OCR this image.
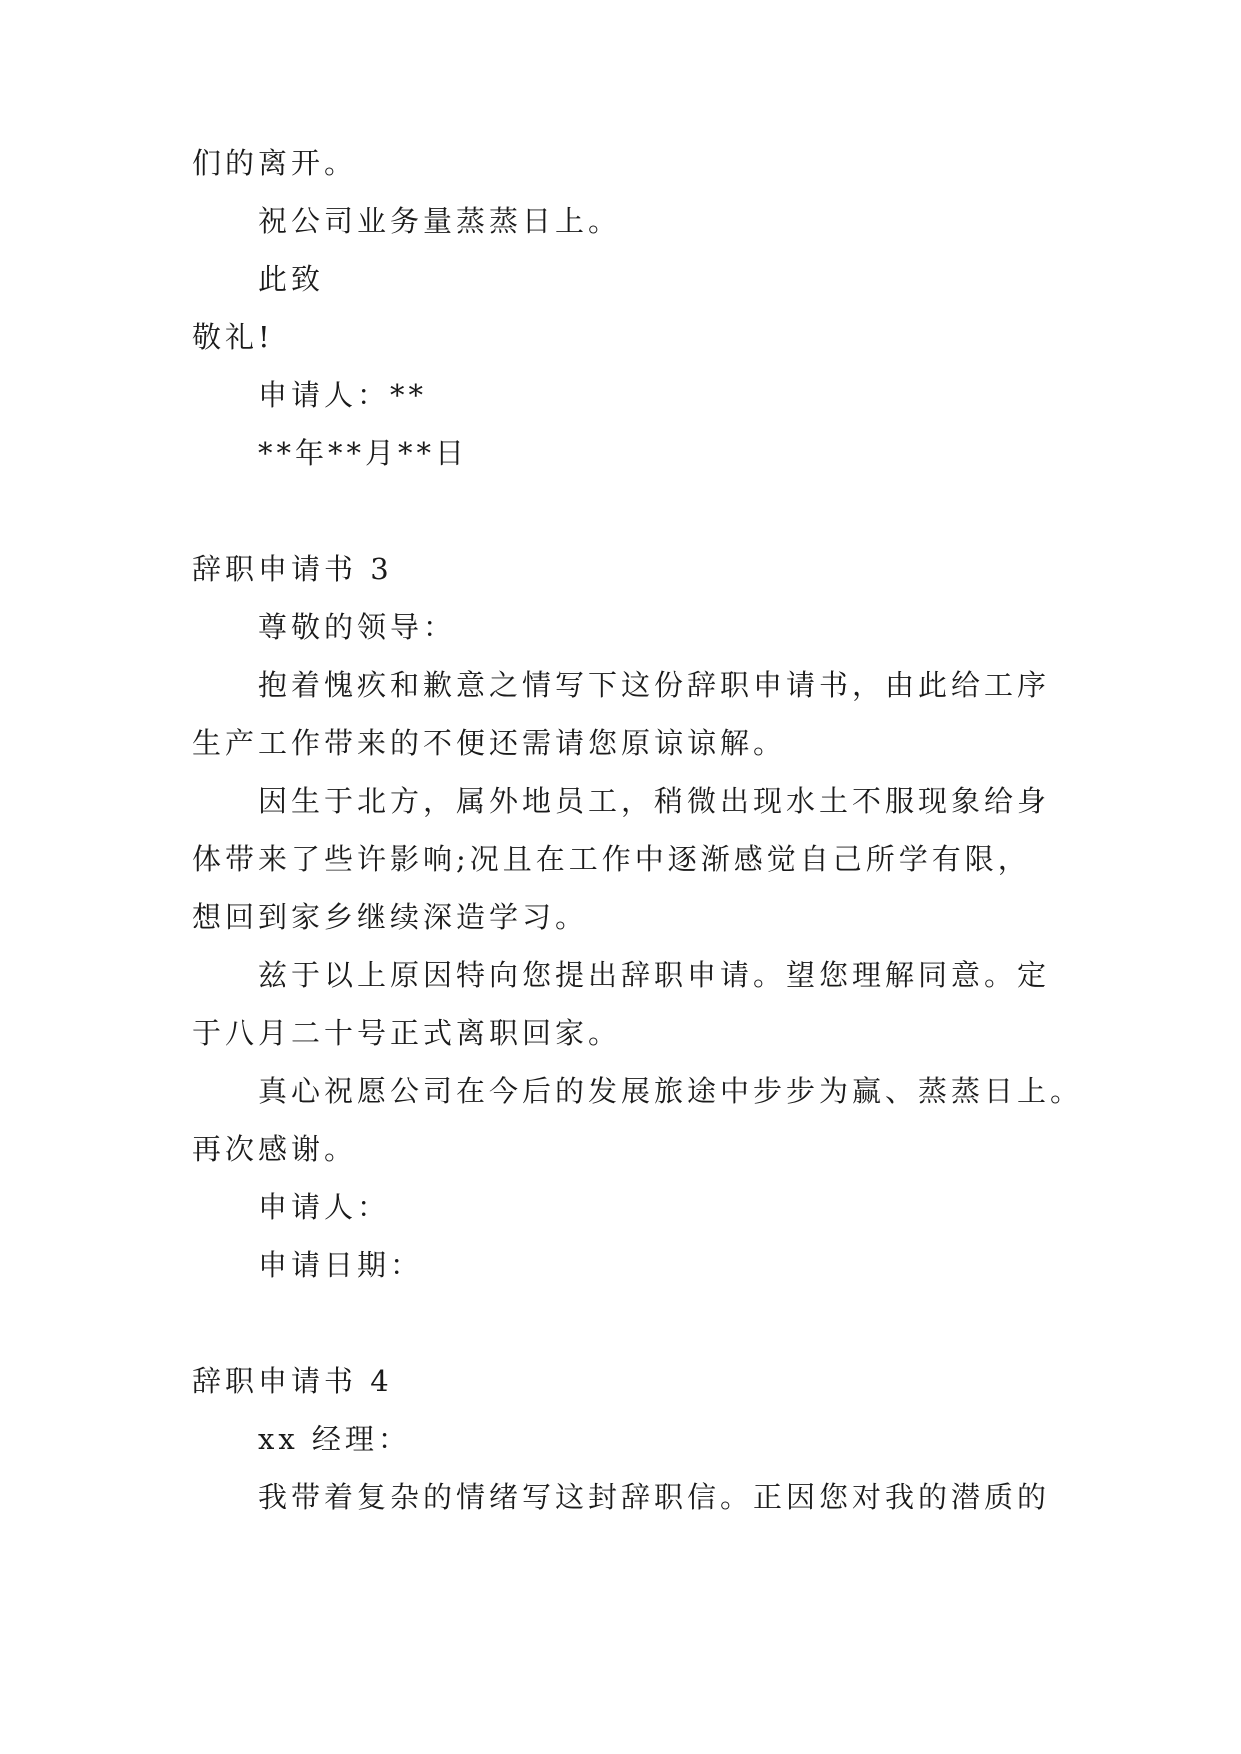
们的离开。

祝公司业务量蒸蒸日上。

此致

敬礼!

申请人：**

**年**月**日

辞职申请书 3

尊敬的领导：

抱着愧疚和歉意之情写下这份辞职申请书，由此给工序

生产工作带来的不便还需请您原谅谅解。

因生于北方，属外地员工，稍微出现水土不服现象给身

体带来了些许影响;况且在工作中逐渐感觉自己所学有限，

想回到家乡继续深造学习。

兹于以上原因特向您提出辞职申请。望您理解同意。定

于八月二十号正式离职回家。

真心祝愿公司在今后的发展旅途中步步为赢、蒸蒸日上。

再次感谢。

申请人：

申请日期：

辞职申请书 4

xx 经理：

我带着复杂的情绪写这封辞职信。正因您对我的潜质的
